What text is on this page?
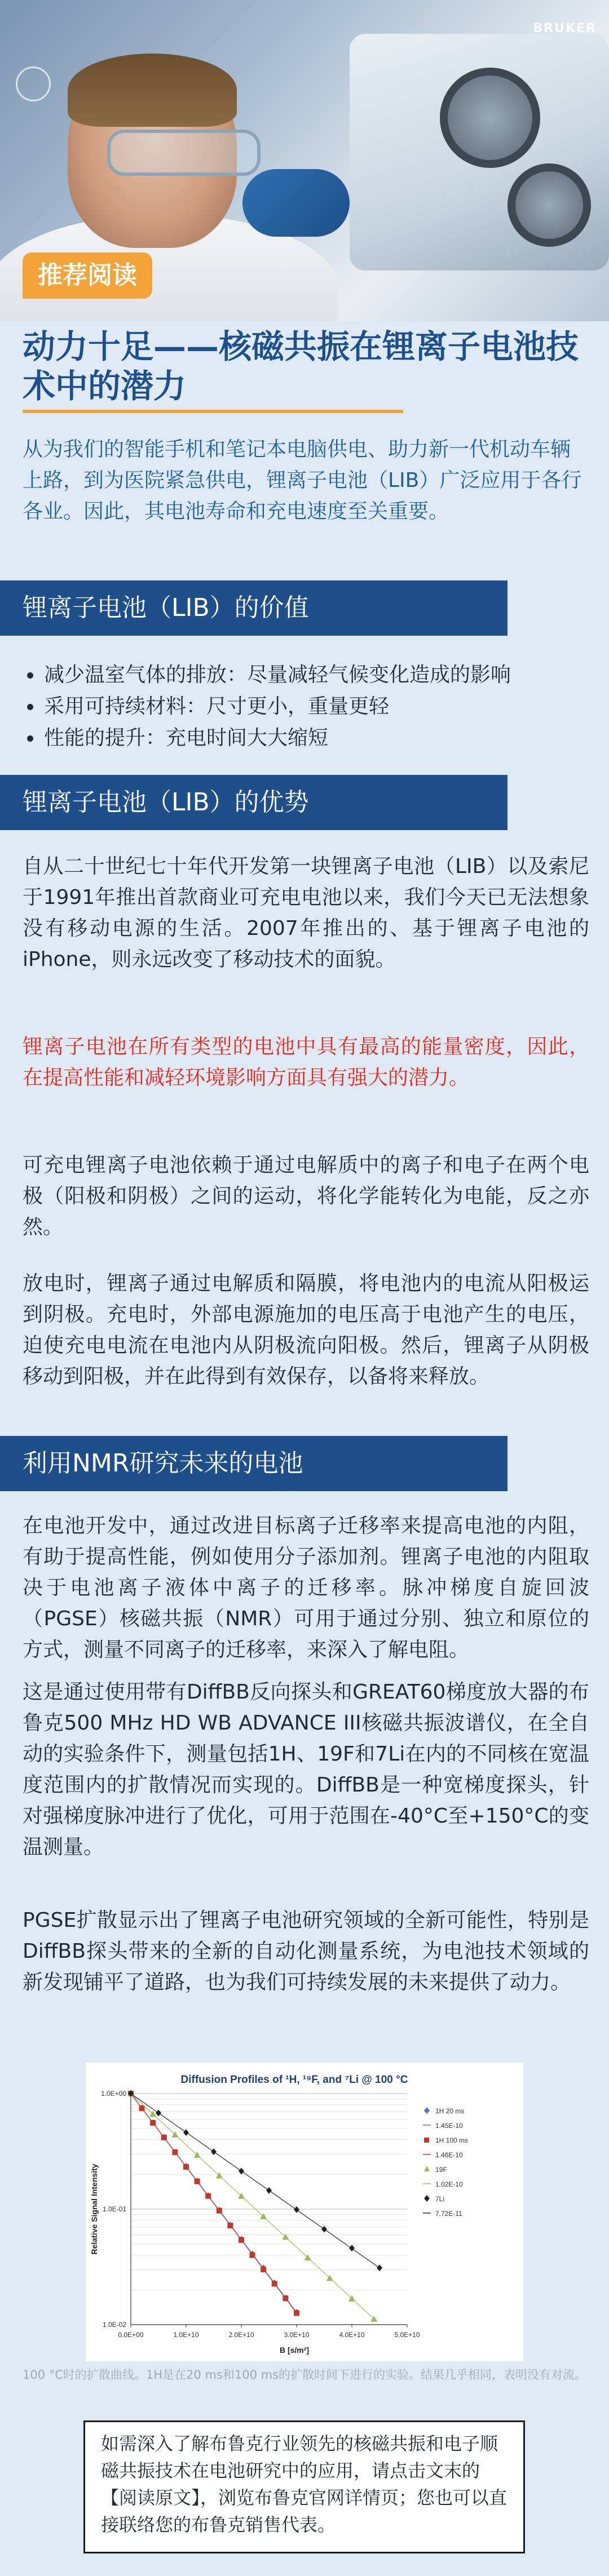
BRUKER
推荐阅读
动力十足——核磁共振在锂离子电池技术中的潜力
从为我们的智能手机和笔记本电脑供电、助力新一代机动车辆上路，到为医院紧急供电，锂离子电池（LIB）广泛应用于各行各业。因此，其电池寿命和充电速度至关重要。
锂离子电池（LIB）的价值
减少温室气体的排放：尽量减轻气候变化造成的影响
采用可持续材料：尺寸更小，重量更轻
性能的提升：充电时间大大缩短
锂离子电池（LIB）的优势
自从二十世纪七十年代开发第一块锂离子电池（LIB）以及索尼于1991年推出首款商业可充电电池以来，我们今天已无法想象没有移动电源的生活。2007年推出的、基于锂离子电池的iPhone，则永远改变了移动技术的面貌。
锂离子电池在所有类型的电池中具有最高的能量密度，因此，在提高性能和减轻环境影响方面具有强大的潜力。
可充电锂离子电池依赖于通过电解质中的离子和电子在两个电极（阳极和阴极）之间的运动，将化学能转化为电能，反之亦然。
放电时，锂离子通过电解质和隔膜，将电池内的电流从阳极运到阴极。充电时，外部电源施加的电压高于电池产生的电压，迫使充电电流在电池内从阴极流向阳极。然后，锂离子从阴极移动到阳极，并在此得到有效保存，以备将来释放。
利用NMR研究未来的电池
在电池开发中，通过改进目标离子迁移率来提高电池的内阻，有助于提高性能，例如使用分子添加剂。锂离子电池的内阻取决于电池离子液体中离子的迁移率。脉冲梯度自旋回波（PGSE）核磁共振（NMR）可用于通过分别、独立和原位的方式，测量不同离子的迁移率，来深入了解电阻。
这是通过使用带有DiffBB反向探头和GREAT60梯度放大器的布鲁克500 MHz HD WB ADVANCE III核磁共振波谱仪，在全自动的实验条件下，测量包括1H、19F和7Li在内的不同核在宽温度范围内的扩散情况而实现的。DiffBB是一种宽梯度探头，针对强梯度脉冲进行了优化，可用于范围在-40°C至+150°C的变温测量。
PGSE扩散显示出了锂离子电池研究领域的全新可能性，特别是DiffBB探头带来的全新的自动化测量系统，为电池技术领域的新发现铺平了道路，也为我们可持续发展的未来提供了动力。
0.0E+00	1.0E+10	2.0E+10	3.0E+10	4.0E+10	5.0E+10
1.0E+00
1.0E-01
1.0E-02
1H 20 ms
1.45E-10
1H 100 ms
1.46E-10
19F
1.02E-10
7Li
7.72E-11
Diffusion Profiles of ¹H, ¹⁹F, and ⁷Li @ 100 °C
B [s/m²]
Relative Signal Intensity
100 °C时的扩散曲线。1H是在20 ms和100 ms的扩散时间下进行的实验。结果几乎相同，表明没有对流。
如需深入了解布鲁克行业领先的核磁共振和电子顺磁共振技术在电池研究中的应用，请点击文末的【阅读原文】，浏览布鲁克官网详情页；您也可以直接联络您的布鲁克销售代表。
